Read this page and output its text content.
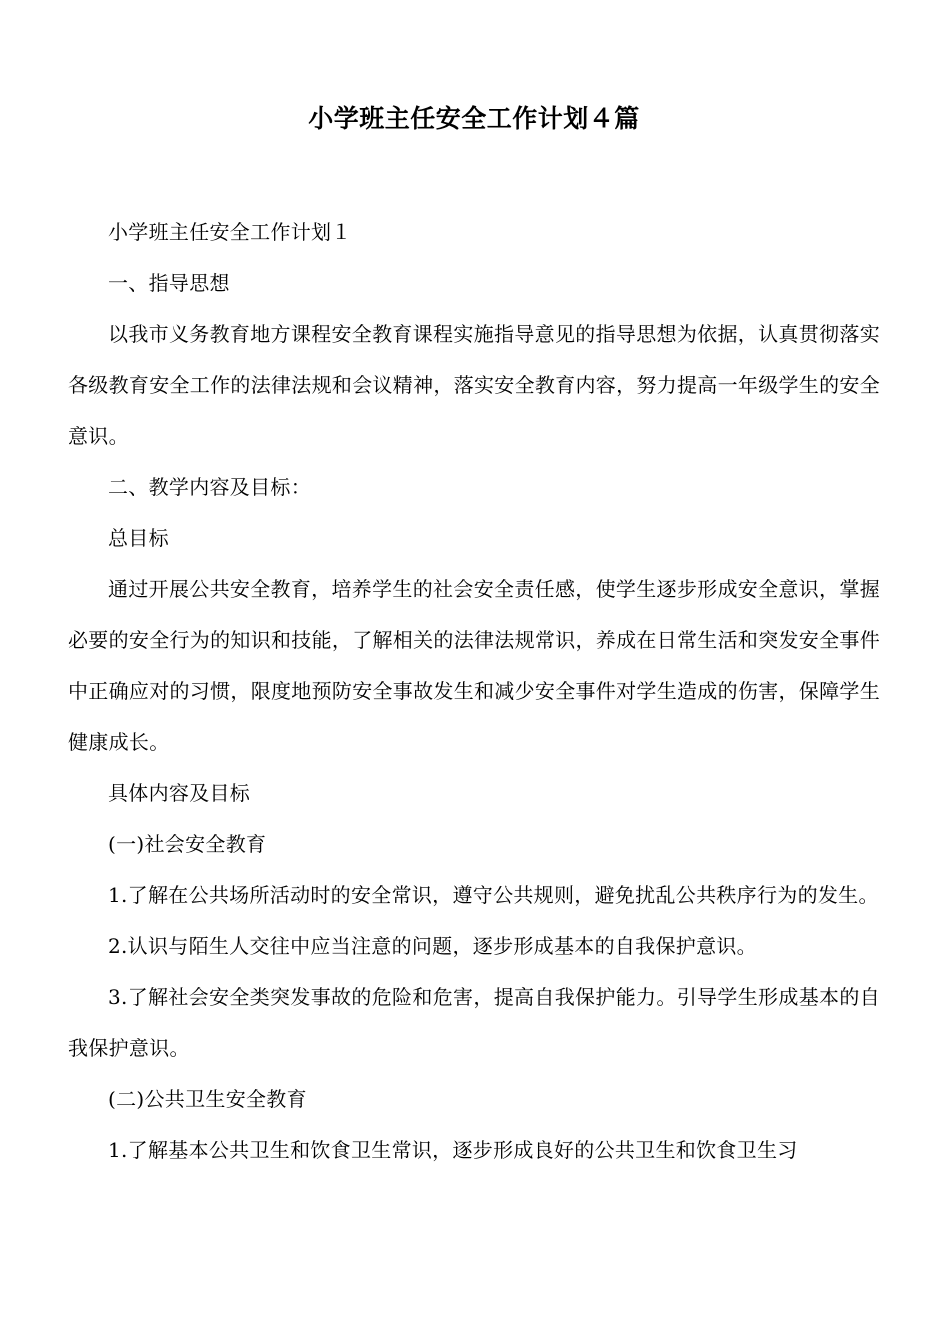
小学班主任安全工作计划４篇

小学班主任安全工作计划１

一、指导思想

以我市义务教育地方课程安全教育课程实施指导意见的指导思想为依据，认真贯彻落实各级教育安全工作的法律法规和会议精神，落实安全教育内容，努力提高一年级学生的安全意识。

二、教学内容及目标：

总目标

通过开展公共安全教育，培养学生的社会安全责任感，使学生逐步形成安全意识，掌握必要的安全行为的知识和技能，了解相关的法律法规常识，养成在日常生活和突发安全事件中正确应对的习惯，限度地预防安全事故发生和减少安全事件对学生造成的伤害，保障学生健康成长。

具体内容及目标

(一)社会安全教育

1.了解在公共场所活动时的安全常识，遵守公共规则，避免扰乱公共秩序行为的发生。

2.认识与陌生人交往中应当注意的问题，逐步形成基本的自我保护意识。

3.了解社会安全类突发事故的危险和危害，提高自我保护能力。引导学生形成基本的自我保护意识。

(二)公共卫生安全教育

1.了解基本公共卫生和饮食卫生常识，逐步形成良好的公共卫生和饮食卫生习
